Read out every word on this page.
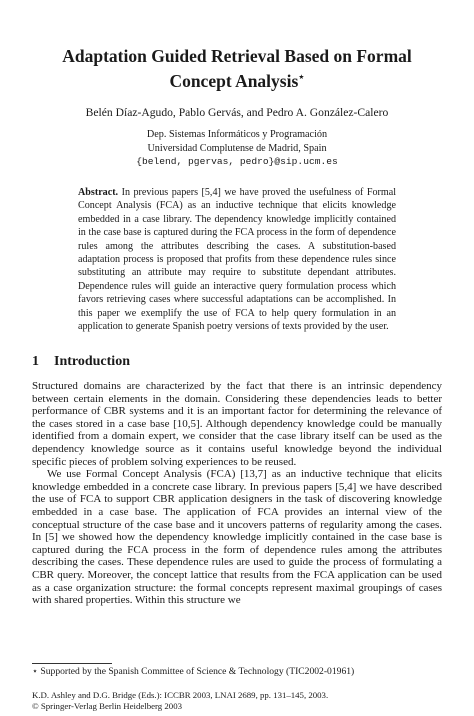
Adaptation Guided Retrieval Based on Formal
Concept Analysis⋆
Belén Díaz-Agudo, Pablo Gervás, and Pedro A. González-Calero
Dep. Sistemas Informáticos y Programación
Universidad Complutense de Madrid, Spain
{belend, pgervas, pedro}@sip.ucm.es
Abstract. In previous papers [5,4] we have proved the usefulness of Formal Concept Analysis (FCA) as an inductive technique that elicits knowledge embedded in a case library. The dependency knowledge implicitly contained in the case base is captured during the FCA process in the form of dependence rules among the attributes describing the cases. A substitution-based adaptation process is proposed that profits from these dependence rules since substituting an attribute may require to substitute dependant attributes. Dependence rules will guide an interactive query formulation process which favors retrieving cases where successful adaptations can be accomplished. In this paper we exemplify the use of FCA to help query formulation in an application to generate Spanish poetry versions of texts provided by the user.
1 Introduction

Structured domains are characterized by the fact that there is an intrinsic dependency between certain elements in the domain. Considering these dependencies leads to better performance of CBR systems and it is an important factor for determining the relevance of the cases stored in a case base [10,5]. Although dependency knowledge could be manually identified from a domain expert, we consider that the case library itself can be used as the dependency knowledge source as it contains useful knowledge beyond the individual specific pieces of problem solving experiences to be reused.

We use Formal Concept Analysis (FCA) [13,7] as an inductive technique that elicits knowledge embedded in a concrete case library. In previous papers [5,4] we have described the use of FCA to support CBR application designers in the task of discovering knowledge embedded in a case base. The application of FCA provides an internal view of the conceptual structure of the case base and it uncovers patterns of regularity among the cases. In [5] we showed how the dependency knowledge implicitly contained in the case base is captured during the FCA process in the form of dependence rules among the attributes describing the cases. These dependence rules are used to guide the process of formulating a CBR query. Moreover, the concept lattice that results from the FCA application can be used as a case organization structure: the formal concepts represent maximal groupings of cases with shared properties. Within this structure we

⋆ Supported by the Spanish Committee of Science & Technology (TIC2002-01961)
K.D. Ashley and D.G. Bridge (Eds.): ICCBR 2003, LNAI 2689, pp. 131–145, 2003.
© Springer-Verlag Berlin Heidelberg 2003
